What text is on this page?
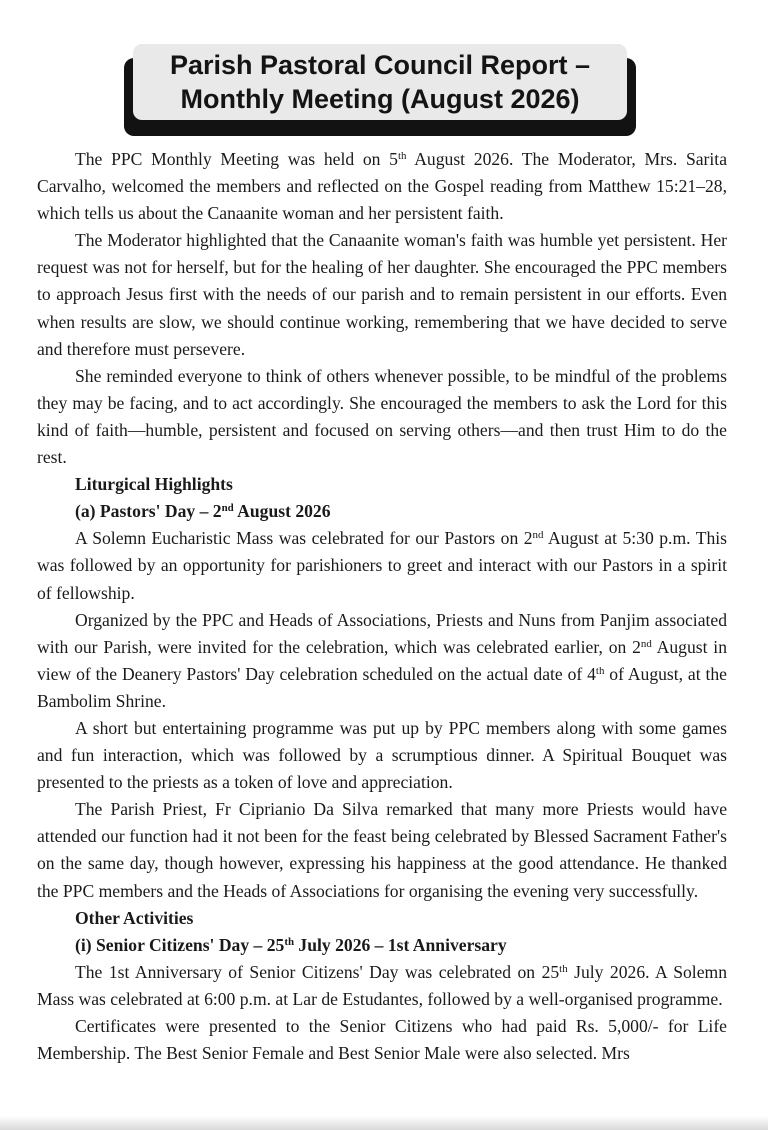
Parish Pastoral Council Report –
Monthly Meeting (August 2026)

The PPC Monthly Meeting was held on 5th August 2026. The Moderator, Mrs. Sarita Carvalho, welcomed the members and reflected on the Gospel reading from Matthew 15:21–28, which tells us about the Canaanite woman and her persistent faith.

The Moderator highlighted that the Canaanite woman's faith was humble yet persistent. Her request was not for herself, but for the healing of her daughter. She encouraged the PPC members to approach Jesus first with the needs of our parish and to remain persistent in our efforts. Even when results are slow, we should continue working, remembering that we have decided to serve and therefore must persevere.

She reminded everyone to think of others whenever possible, to be mindful of the problems they may be facing, and to act accordingly. She encouraged the members to ask the Lord for this kind of faith—humble, persistent and focused on serving others—and then trust Him to do the rest.

Liturgical Highlights
(a) Pastors' Day – 2nd August 2026

A Solemn Eucharistic Mass was celebrated for our Pastors on 2nd August at 5:30 p.m. This was followed by an opportunity for parishioners to greet and interact with our Pastors in a spirit of fellowship.

Organized by the PPC and Heads of Associations, Priests and Nuns from Panjim associated with our Parish, were invited for the celebration, which was celebrated earlier, on 2nd August in view of the Deanery Pastors' Day celebration scheduled on the actual date of 4th of August, at the Bambolim Shrine.

A short but entertaining programme was put up by PPC members along with some games and fun interaction, which was followed by a scrumptious dinner. A Spiritual Bouquet was presented to the priests as a token of love and appreciation.

The Parish Priest, Fr Ciprianio Da Silva remarked that many more Priests would have attended our function had it not been for the feast being celebrated by Blessed Sacrament Father's on the same day, though however, expressing his happiness at the good attendance. He thanked the PPC members and the Heads of Associations for organising the evening very successfully.

Other Activities
(i) Senior Citizens' Day – 25th July 2026 – 1st Anniversary

The 1st Anniversary of Senior Citizens' Day was celebrated on 25th July 2026. A Solemn Mass was celebrated at 6:00 p.m. at Lar de Estudantes, followed by a well-organised programme.

Certificates were presented to the Senior Citizens who had paid Rs. 5,000/- for Life Membership. The Best Senior Female and Best Senior Male were also selected. Mrs
